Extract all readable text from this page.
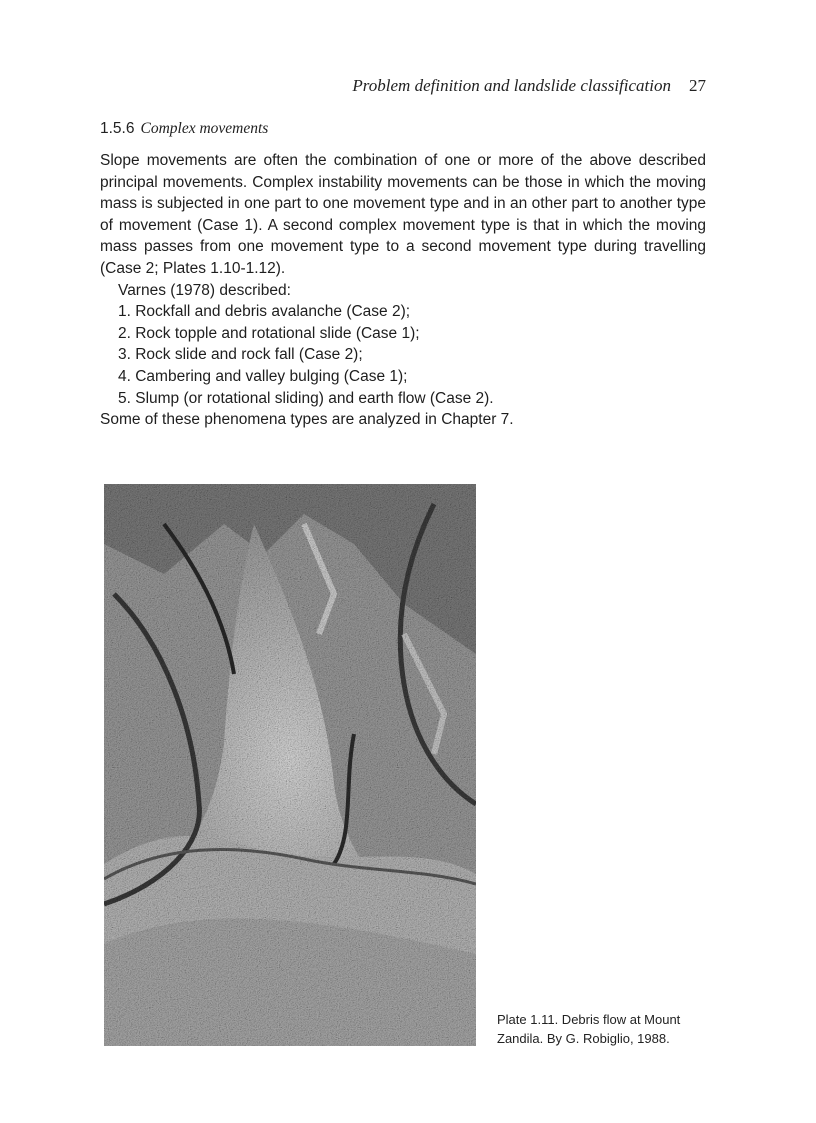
Problem definition and landslide classification 27
1.5.6 Complex movements

Slope movements are often the combination of one or more of the above described principal movements. Complex instability movements can be those in which the moving mass is subjected in one part to one movement type and in an other part to another type of movement (Case 1). A second complex movement type is that in which the moving mass passes from one movement type to a second movement type during travelling (Case 2; Plates 1.10-1.12).

Varnes (1978) described:

1. Rockfall and debris avalanche (Case 2);
2. Rock topple and rotational slide (Case 1);
3. Rock slide and rock fall (Case 2);
4. Cambering and valley bulging (Case 1);
5. Slump (or rotational sliding) and earth flow (Case 2).

Some of these phenomena types are analyzed in Chapter 7.

Plate 1.11. Debris flow at Mount Zandila. By G. Robiglio, 1988.
